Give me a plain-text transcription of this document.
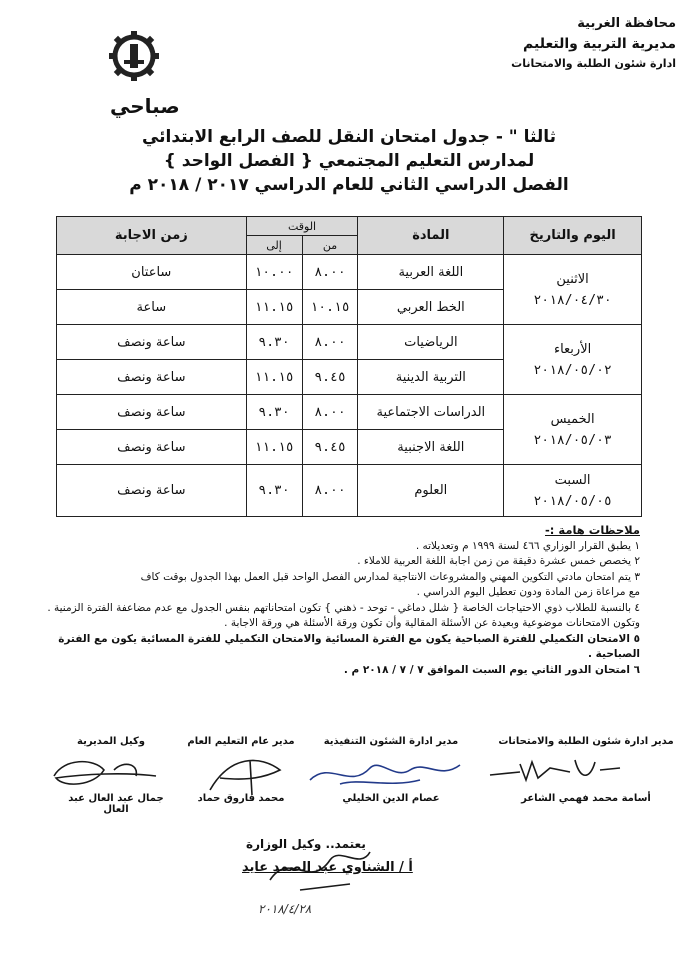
محافظة الغربية
مديرية التربية والتعليم
ادارة شئون الطلبة والامتحانات
صباحي
ثالثا " - جدول امتحان النقل للصف الرابع الابتدائي
لمدارس التعليم المجتمعي { الفصل الواحد }
الفصل الدراسي الثاني للعام الدراسي ٢٠١٧ / ٢٠١٨ م
اليوم والتاريخ	المادة	الوقت		زمن الاجابة
		من	إلى	

الاثنين
٢٠١٨/٠٤/٣٠	اللغة العربية	٨.٠٠	١٠.٠٠	ساعتان
	الخط العربي	١٠.١٥	١١.١٥	ساعة

الأربعاء
٢٠١٨/٠٥/٠٢	الرياضيات	٨.٠٠	٩.٣٠	ساعة ونصف
	التربية الدينية	٩.٤٥	١١.١٥	ساعة ونصف

الخميس
٢٠١٨/٠٥/٠٣	الدراسات الاجتماعية	٨.٠٠	٩.٣٠	ساعة ونصف
	اللغة الاجنبية	٩.٤٥	١١.١٥	ساعة ونصف

السبت
٢٠١٨/٠٥/٠٥	العلوم	٨.٠٠	٩.٣٠	ساعة ونصف
ملاحظات هامة :-
١ يطبق القرار الوزاري ٤٦٦ لسنة ١٩٩٩ م وتعديلاته .
٢ يخصص خمس عشرة دقيقة من زمن اجابة اللغة العربية للاملاء .
٣ يتم امتحان مادتي التكوين المهني والمشروعات الانتاجية لمدارس الفصل الواحد قبل العمل بهذا الجدول بوقت كاف
مع مراعاة زمن المادة ودون تعطيل اليوم الدراسي .
٤ بالنسبة للطلاب ذوي الاحتياجات الخاصة { شلل دماغي - توحد - ذهني } تكون امتحاناتهم بنفس الجدول مع عدم مضاعفة الفترة الزمنية .
وتكون الامتحانات موضوعية وبعيدة عن الأسئلة المقالية وأن تكون ورقة الأسئلة هي ورقة الاجابة .
٥ الامتحان التكميلي للفترة الصباحية يكون مع الفترة المسائية والامتحان التكميلي للفترة المسائية يكون مع الفترة الصباحية .
٦ امتحان الدور الثاني يوم السبت الموافق ٧ / ٧ / ٢٠١٨ م .
مدير ادارة شئون الطلبة والامتحانات
مدير ادارة الشئون التنفيذية
مدير عام التعليم العام
وكيل المديرية
أسامة محمد فهمي الشاعر
عصام الدين الخليلي
محمد فاروق حماد
جمال عبد العال عبد العال
يعتمد.. وكيل الوزارة
أ / الشناوي عبد الصمد عايد
٢٠١٨/٤/٢٨
